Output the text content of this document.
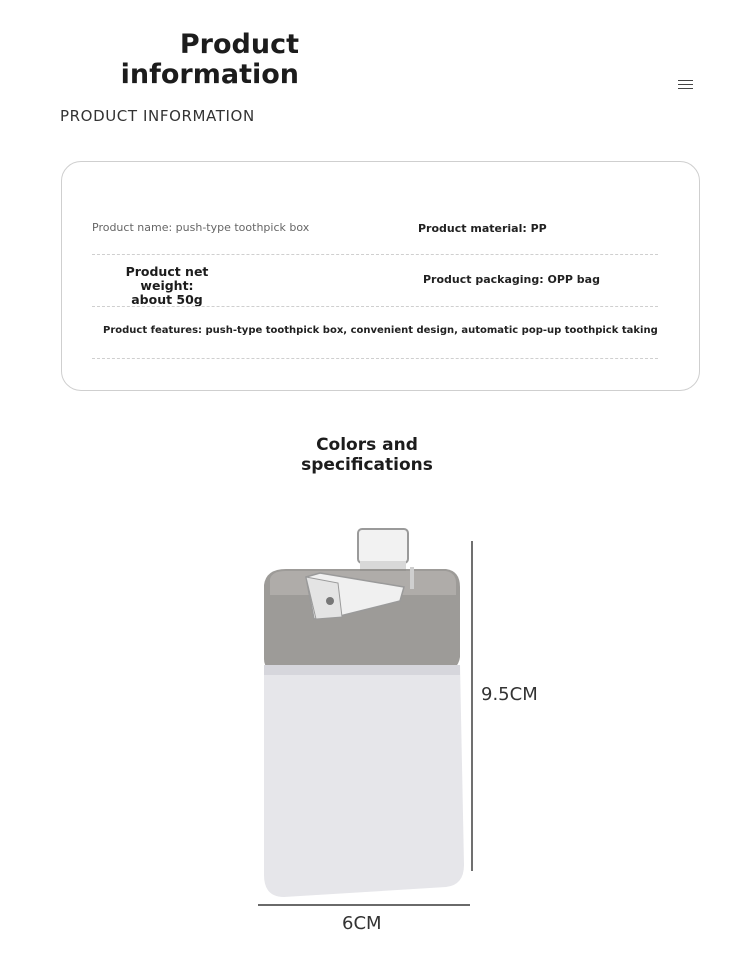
Product
information
PRODUCT INFORMATION
Product name: push-type toothpick box	Product material: PP
Product net weight:
about 50g
Product packaging: OPP bag
Product features: push-type toothpick box, convenient design, automatic pop-up toothpick taking
Colors and
specifications
9.5CM
6CM
